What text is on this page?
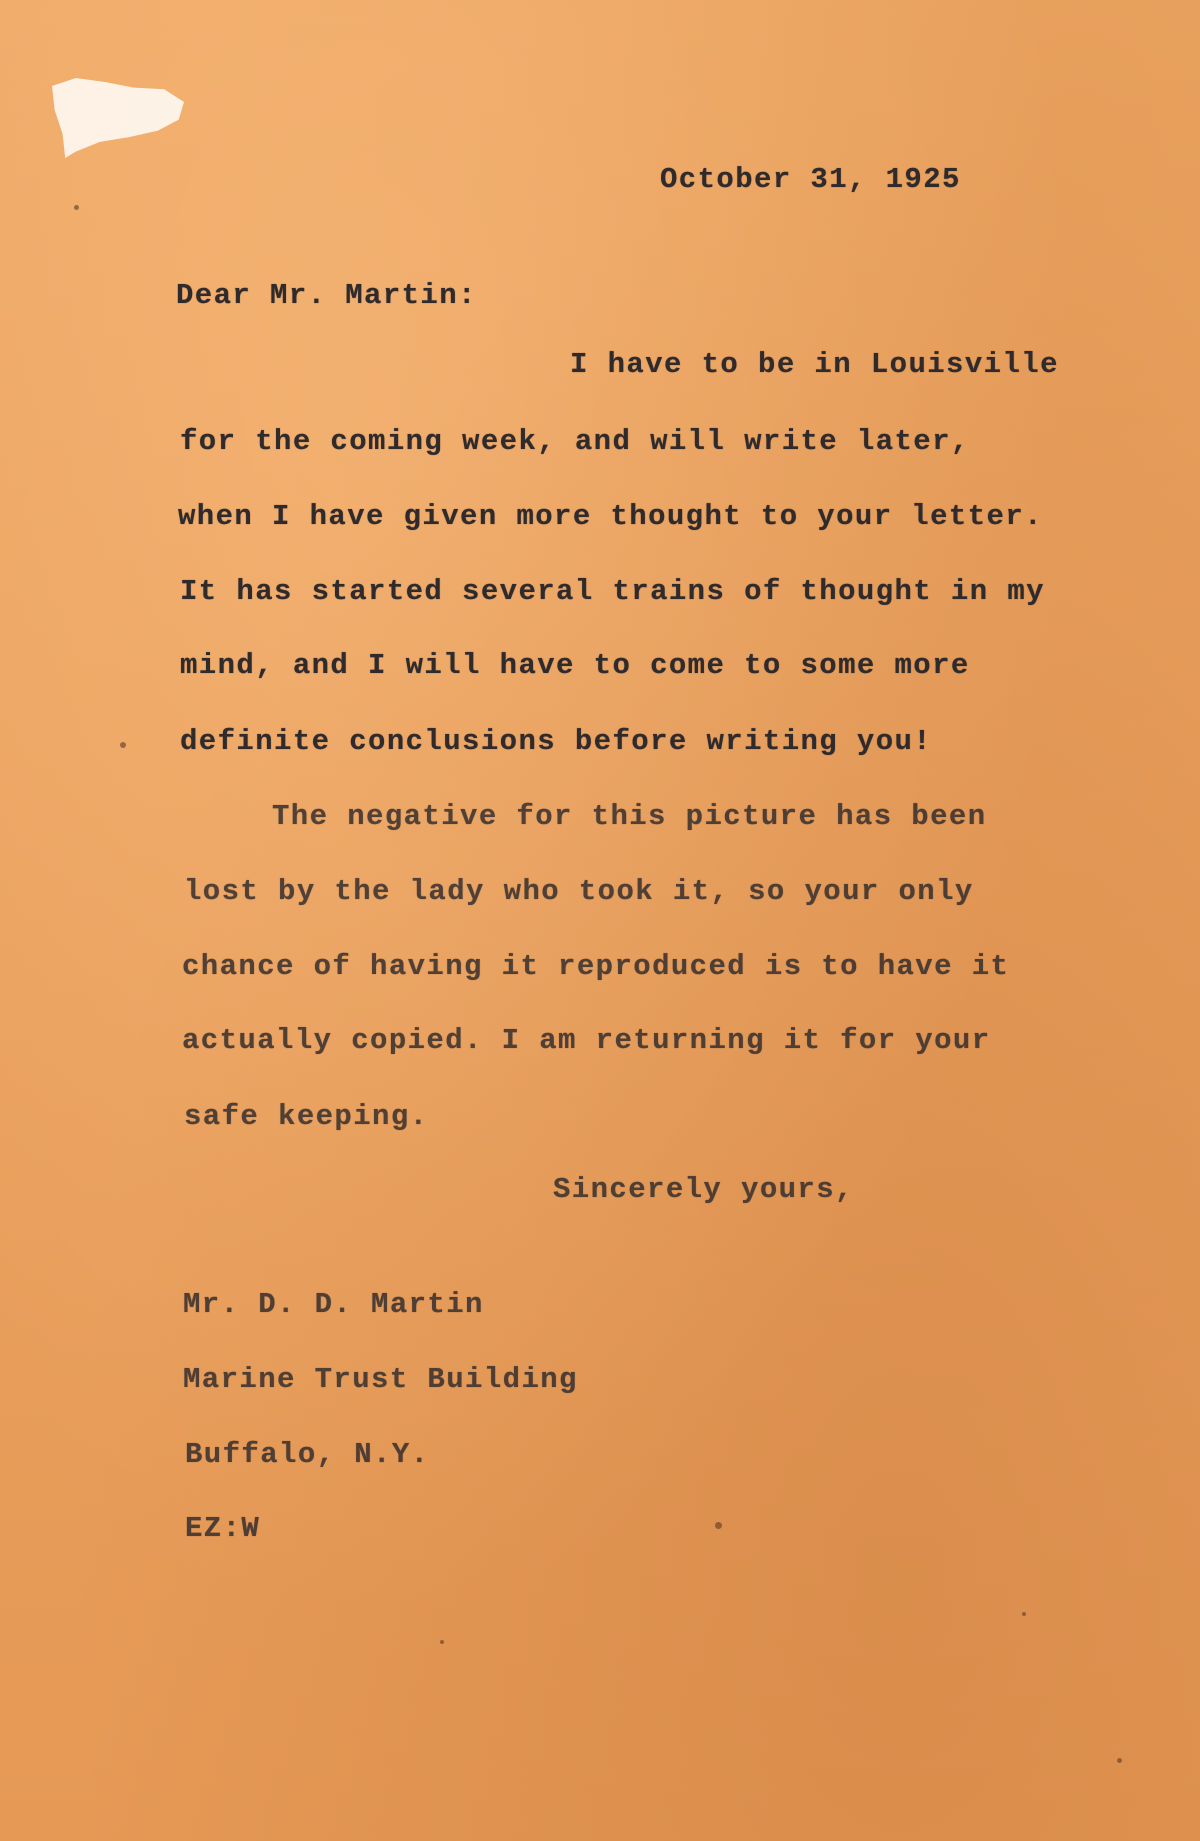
October 31, 1925
Dear Mr. Martin:
I have to be in Louisville
for the coming week, and will write later,
when I have given more thought to your letter.
It has started several trains of thought in my
mind, and I will have to come to some more
definite conclusions before writing you!
The negative for this picture has been
lost by the lady who took it, so your only
chance of having it reproduced is to have it
actually copied. I am returning it for your
safe keeping.
Sincerely yours,
Mr. D. D. Martin
Marine Trust Building
Buffalo, N.Y.
EZ:W
